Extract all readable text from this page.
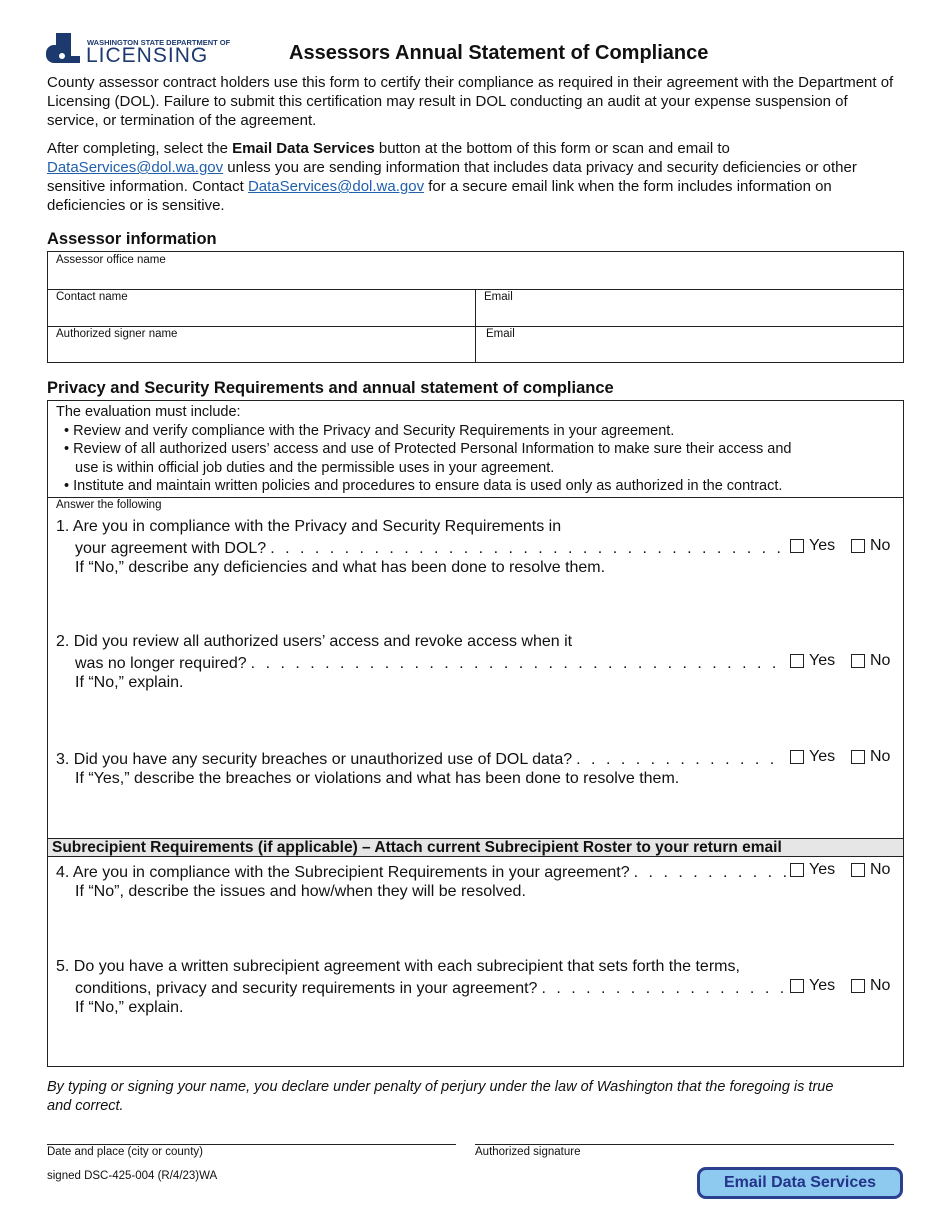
WASHINGTON STATE DEPARTMENT OF
LICENSING	Assessors Annual Statement of Compliance
County assessor contract holders use this form to certify their compliance as required in their agreement with the Department of Licensing (DOL). Failure to submit this certification may result in DOL conducting an audit at your expense suspension of service, or termination of the agreement.
After completing, select the Email Data Services button at the bottom of this form or scan and email to DataServices@dol.wa.gov unless you are sending information that includes data privacy and security deficiencies or other sensitive information. Contact DataServices@dol.wa.gov for a secure email link when the form includes information on deficiencies or is sensitive.
Assessor information
Assessor office name
Contact name	Email
Authorized signer name	Email
Privacy and Security Requirements and annual statement of compliance
The evaluation must include:
• Review and verify compliance with the Privacy and Security Requirements in your agreement.
• Review of all authorized users’ access and use of Protected Personal Information to make sure their access and
use is within official job duties and the permissible uses in your agreement.
• Institute and maintain written policies and procedures to ensure data is used only as authorized in the contract.
Answer the following
Subrecipient Requirements (if applicable) – Attach current Subrecipient Roster to your return email
1. Are you in compliance with the Privacy and Security Requirements in
your agreement with DOL? . . .	Yes	No
If “No,” describe any deficiencies and what has been done to resolve them.
2. Did you review all authorized users’ access and revoke access when it
was no longer required? . . .	Yes	No
If “No,” explain.
3. Did you have any security breaches or unauthorized use of DOL data? . . .	Yes	No
If “Yes,” describe the breaches or violations and what has been done to resolve them.
4. Are you in compliance with the Subrecipient Requirements in your agreement? . . .	Yes	No
If “No”, describe the issues and how/when they will be resolved.
5. Do you have a written subrecipient agreement with each subrecipient that sets forth the terms,
conditions, privacy and security requirements in your agreement? . . .	Yes	No
If “No,” explain.
By typing or signing your name, you declare under penalty of perjury under the law of Washington that the foregoing is true and correct.
Date and place (city or county)	Authorized signature
signed DSC-425-004 (R/4/23)WA	Email Data Services
